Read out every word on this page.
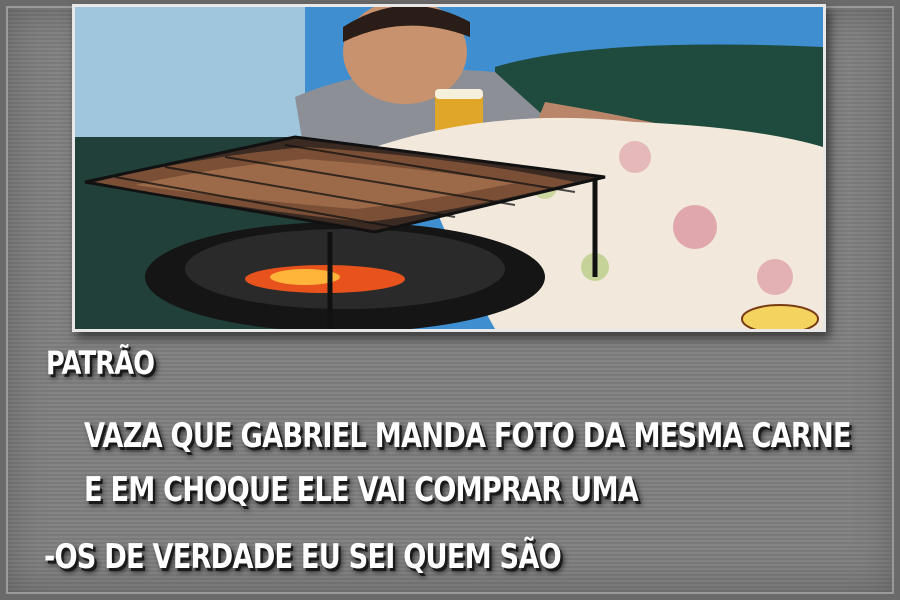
PATRÃO

VAZA QUE GABRIEL MANDA FOTO DA MESMA CARNE

E EM CHOQUE ELE VAI COMPRAR UMA

-OS DE VERDADE EU SEI QUEM SÃO
